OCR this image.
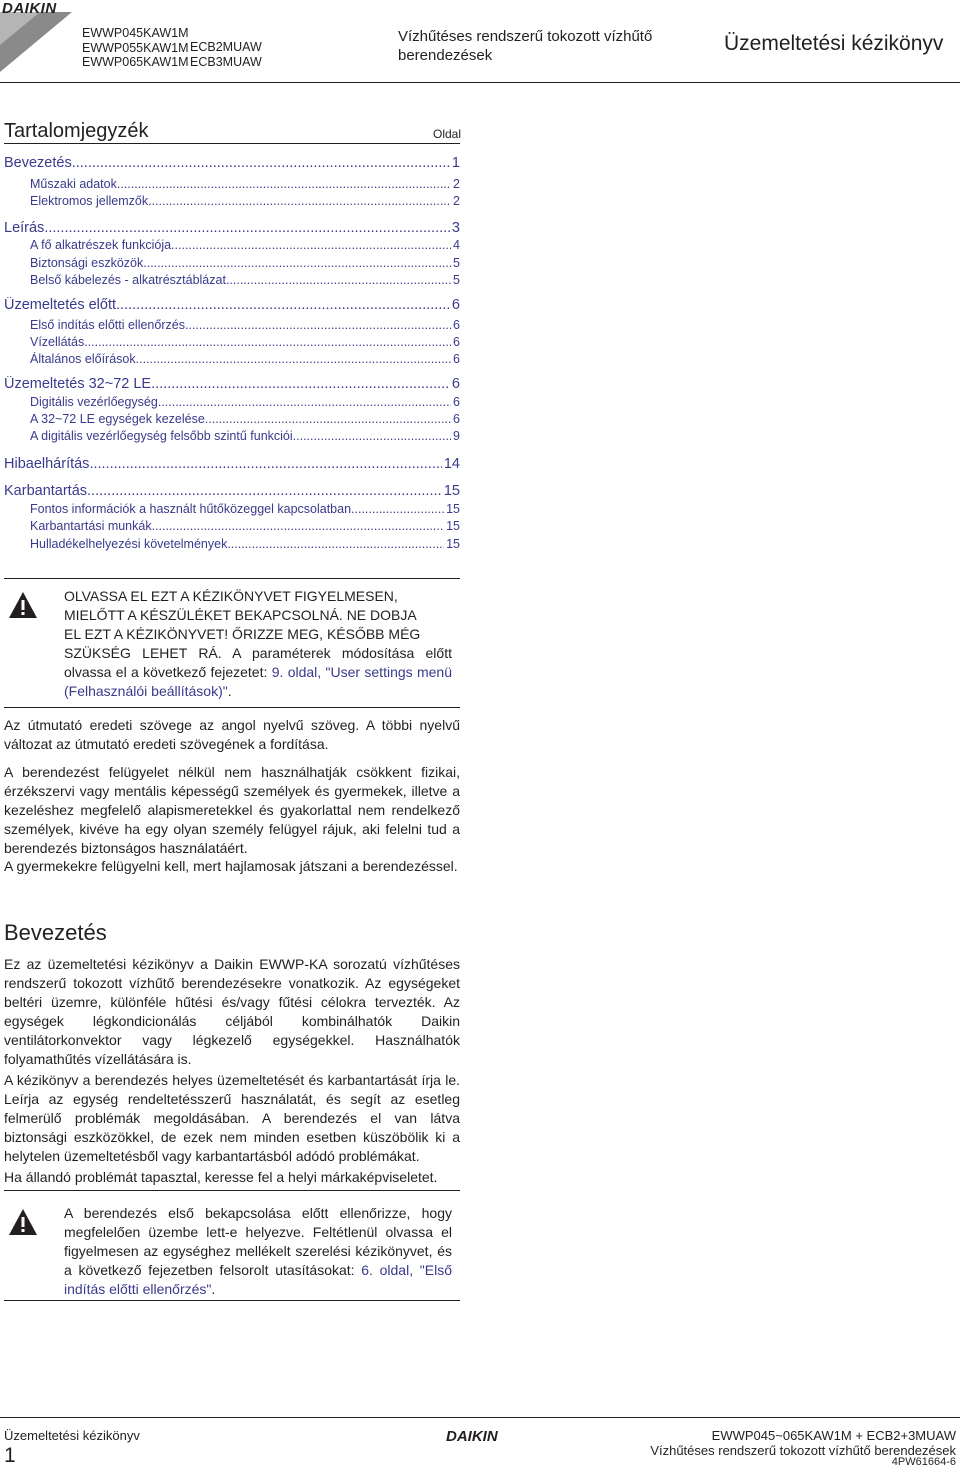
DAIKIN
EWWP045KAW1M
EWWP055KAW1M
EWWP065KAW1M
ECB2MUAW
ECB3MUAW
Vízhűtéses rendszerű tokozott vízhűtő
berendezések
Üzemeltetési kézikönyv
Tartalomjegyzék	Oldal
Bevezetés .....	1
Műszaki adatok .....	2
Elektromos jellemzők .....	2
Leírás .....	3
A fő alkatrészek funkciója .....	4
Biztonsági eszközök .....	5
Belső kábelezés - alkatrésztáblázat .....	5
Üzemeltetés előtt .....	6
Első indítás előtti ellenőrzés .....	6
Vízellátás .....	6
Általános előírások .....	6
Üzemeltetés 32~72 LE .....	6
Digitális vezérlőegység .....	6
A 32~72 LE egységek kezelése .....	6
A digitális vezérlőegység felsőbb szintű funkciói .....	9
Hibaelhárítás .....	14
Karbantartás .....	15
Fontos információk a használt hűtőközeggel kapcsolatban .....	15
Karbantartási munkák .....	15
Hulladékelhelyezési követelmények .....	15
OLVASSA EL EZT A KÉZIKÖNYVET FIGYELMESEN,
MIELŐTT A KÉSZÜLÉKET BEKAPCSOLNÁ. NE DOBJA
EL EZT A KÉZIKÖNYVET! ŐRIZZE MEG, KÉSŐBB MÉG
SZÜKSÉG LEHET RÁ. A paraméterek módosítása előtt olvassa el a következő fejezetet: 9. oldal, "User settings menü (Felhasználói beállítások)".
Az útmutató eredeti szövege az angol nyelvű szöveg. A többi nyelvű változat az útmutató eredeti szövegének a fordítása.
A berendezést felügyelet nélkül nem használhatják csökkent fizikai, érzékszervi vagy mentális képességű személyek és gyermekek, illetve a kezeléshez megfelelő alapismeretekkel és gyakorlattal nem rendelkező személyek, kivéve ha egy olyan személy felügyel rájuk, aki felelni tud a berendezés biztonságos használatáért.
A gyermekekre felügyelni kell, mert hajlamosak játszani a berendezéssel.
Bevezetés
Ez az üzemeltetési kézikönyv a Daikin EWWP-KA sorozatú vízhűtéses rendszerű tokozott vízhűtő berendezésekre vonatkozik. Az egységeket beltéri üzemre, különféle hűtési és/vagy fűtési célokra tervezték. Az egységek légkondicionálás céljából kombinálhatók Daikin ventilátorkonvektor vagy légkezelő egységekkel. Használhatók folyamathűtés vízellátására is.
A kézikönyv a berendezés helyes üzemeltetését és karbantartását írja le. Leírja az egység rendeltetésszerű használatát, és segít az esetleg felmerülő problémák megoldásában. A berendezés el van látva biztonsági eszközökkel, de ezek nem minden esetben küszöbölik ki a helytelen üzemeltetésből vagy karbantartásból adódó problémákat.
Ha állandó problémát tapasztal, keresse fel a helyi márkaképviseletet.
A berendezés első bekapcsolása előtt ellenőrizze, hogy megfelelően üzembe lett-e helyezve. Feltétlenül olvassa el figyelmesen az egységhez mellékelt szerelési kézikönyvet, és a következő fejezetben felsorolt utasításokat: 6. oldal, "Első indítás előtti ellenőrzés".
Üzemeltetési kézikönyv
1
DAIKIN	EWWP045~065KAW1M + ECB2+3MUAW
Vízhűtéses rendszerű tokozott vízhűtő berendezések
4PW61664-6
